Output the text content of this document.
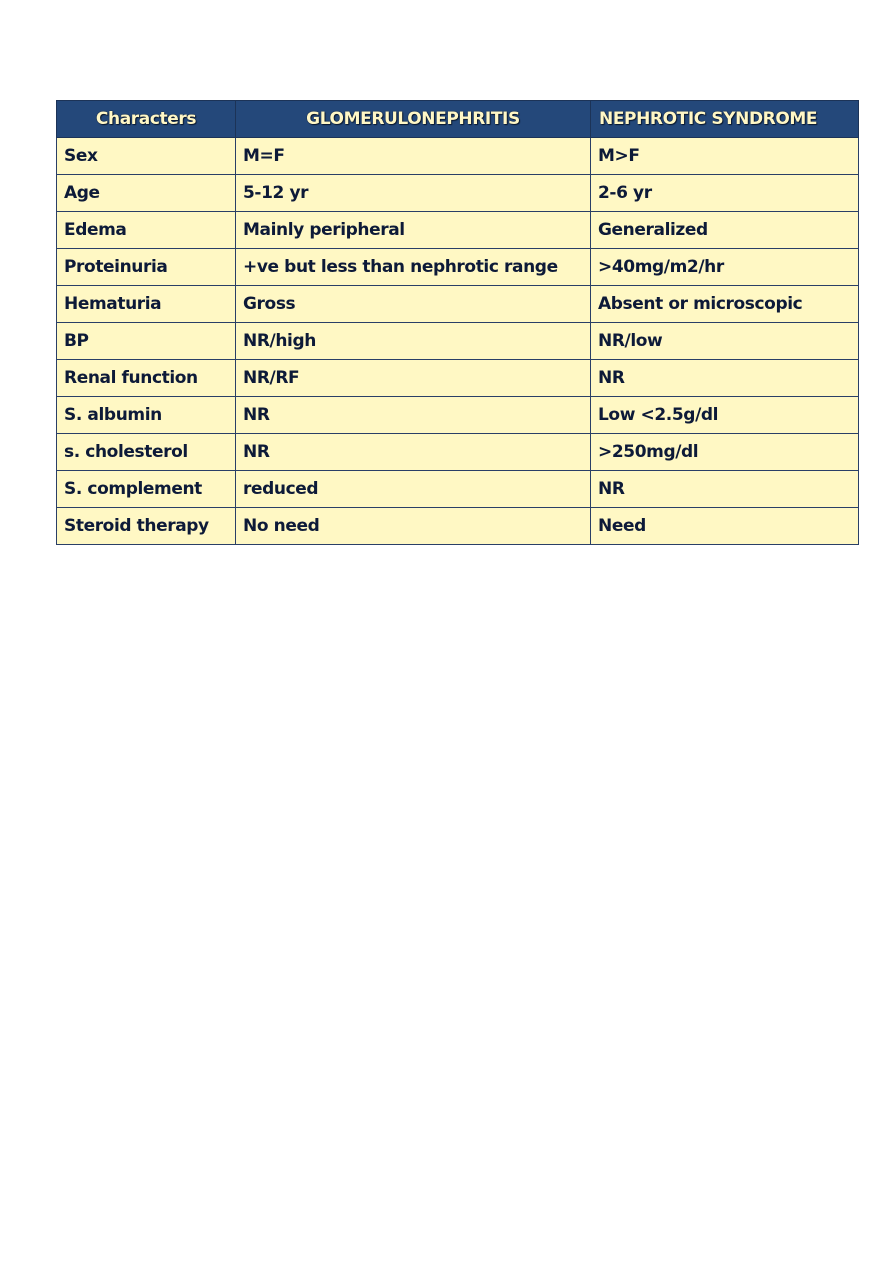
Characters	GLOMERULONEPHRITIS	NEPHROTIC SYNDROME
Sex	M=F	M>F
Age	5-12 yr	2-6 yr
Edema	Mainly peripheral	Generalized
Proteinuria	+ve but less than nephrotic range	>40mg/m2/hr
Hematuria	Gross	Absent or microscopic
BP	NR/high	NR/low
Renal function	NR/RF	NR
S. albumin	NR	Low <2.5g/dl
s. cholesterol	NR	>250mg/dl
S. complement	reduced	NR
Steroid therapy	No need	Need
